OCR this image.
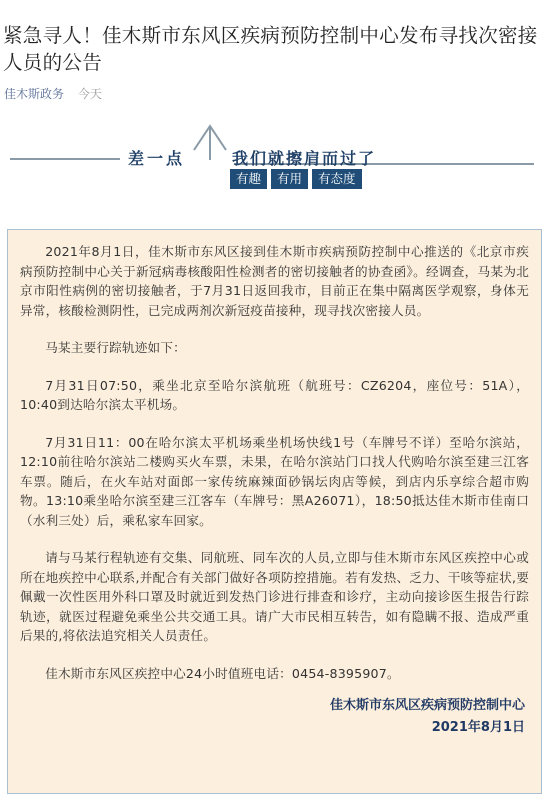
紧急寻人！佳木斯市东风区疾病预防控制中心发布寻找次密接人员的公告
佳木斯政务 今天
差一点	我们就擦肩而过了
有趣	有用	有态度

2021年8月1日，佳木斯市东风区接到佳木斯市疾病预防控制中心推送的《北京市疾病预防控制中心关于新冠病毒核酸阳性检测者的密切接触者的协查函》。经调查，马某为北京市阳性病例的密切接触者，于7月31日返回我市，目前正在集中隔离医学观察，身体无异常，核酸检测阴性，已完成两剂次新冠疫苗接种，现寻找次密接人员。

马某主要行踪轨迹如下：

7月31日07:50，乘坐北京至哈尔滨航班（航班号：CZ6204，座位号：51A），10:40到达哈尔滨太平机场。

7月31日11：00在哈尔滨太平机场乘坐机场快线1号（车牌号不详）至哈尔滨站，12:10前往哈尔滨站二楼购买火车票，未果，在哈尔滨站门口找人代购哈尔滨至建三江客车票。随后，在火车站对面郎一家传统麻辣面砂锅坛肉店等候，到店内乐享综合超市购物。13:10乘坐哈尔滨至建三江客车（车牌号：黑A26071），18:50抵达佳木斯市佳南口（水利三处）后，乘私家车回家。

请与马某行程轨迹有交集、同航班、同车次的人员,立即与佳木斯市东风区疾控中心或所在地疾控中心联系,并配合有关部门做好各项防控措施。若有发热、乏力、干咳等症状,要佩戴一次性医用外科口罩及时就近到发热门诊进行排查和诊疗，主动向接诊医生报告行踪轨迹，就医过程避免乘坐公共交通工具。请广大市民相互转告，如有隐瞒不报、造成严重后果的,将依法追究相关人员责任。

佳木斯市东风区疾控中心24小时值班电话：0454-8395907。

佳木斯市东风区疾病预防控制中心
2021年8月1日
